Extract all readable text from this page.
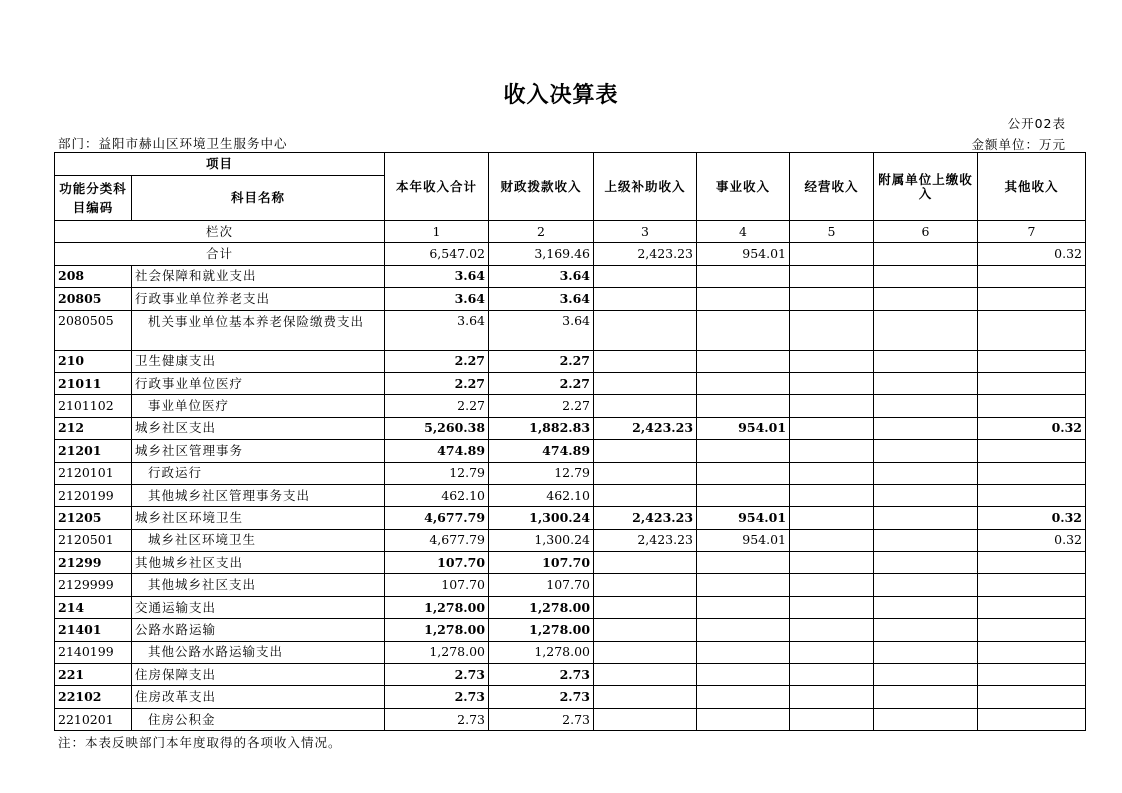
收入决算表
公开02表
部门：益阳市赫山区环境卫生服务中心	金额单位：万元
项目		本年收入合计	财政拨款收入	上级补助收入	事业收入	经营收入	附属单位上缴收入	其他收入
功能分类科目编码	科目名称							
栏次		1	2	3	4	5	6	7
合计		6,547.02	3,169.46	2,423.23	954.01			0.32
208	社会保障和就业支出	3.64	3.64					
20805	行政事业单位养老支出	3.64	3.64					
2080505	机关事业单位基本养老保险缴费支出	3.64	3.64					
210	卫生健康支出	2.27	2.27					
21011	行政事业单位医疗	2.27	2.27					
2101102	事业单位医疗	2.27	2.27					
212	城乡社区支出	5,260.38	1,882.83	2,423.23	954.01			0.32
21201	城乡社区管理事务	474.89	474.89					
2120101	行政运行	12.79	12.79					
2120199	其他城乡社区管理事务支出	462.10	462.10					
21205	城乡社区环境卫生	4,677.79	1,300.24	2,423.23	954.01			0.32
2120501	城乡社区环境卫生	4,677.79	1,300.24	2,423.23	954.01			0.32
21299	其他城乡社区支出	107.70	107.70					
2129999	其他城乡社区支出	107.70	107.70					
214	交通运输支出	1,278.00	1,278.00					
21401	公路水路运输	1,278.00	1,278.00					
2140199	其他公路水路运输支出	1,278.00	1,278.00					
221	住房保障支出	2.73	2.73					
22102	住房改革支出	2.73	2.73					
2210201	住房公积金	2.73	2.73					
注：本表反映部门本年度取得的各项收入情况。
